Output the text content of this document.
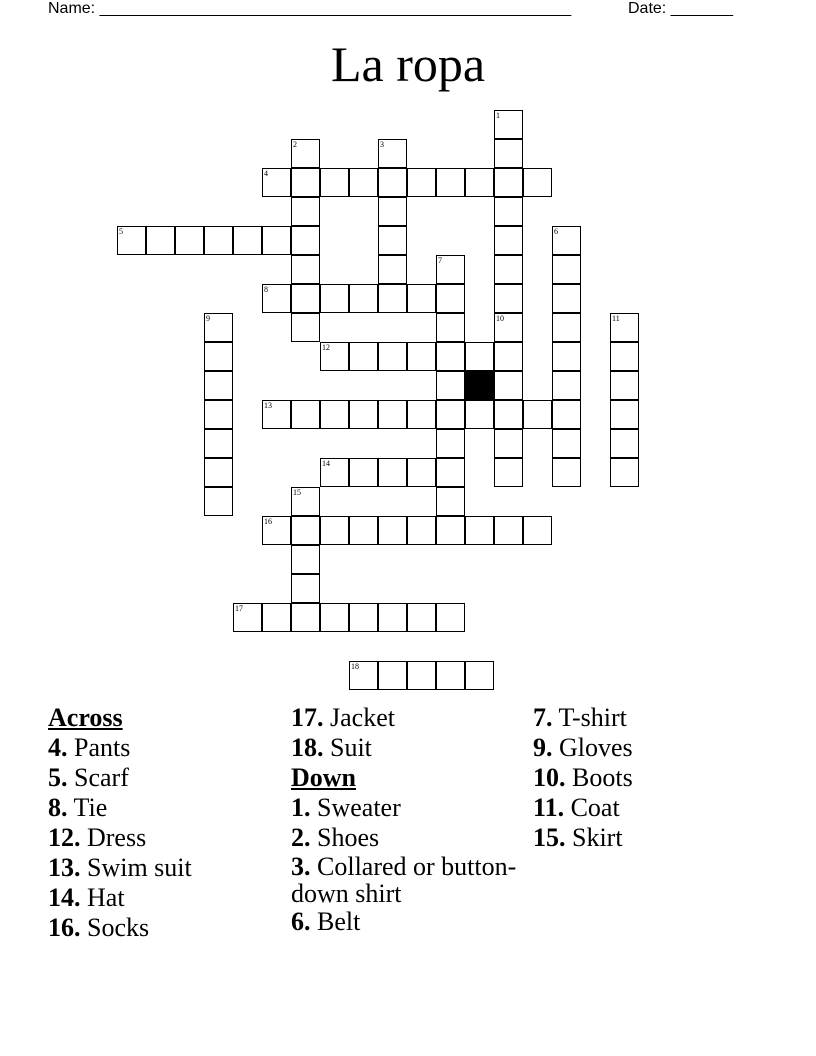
Name: _____________________________________________________	Date: _______
La ropa
4
5
8
12
13
14
16
17
18
1
2	3
6
7
9	10	11
15
Across
4. Pants
5. Scarf
8. Tie
12. Dress
13. Swim suit
14. Hat
16. Socks
17. Jacket
18. Suit
Down
1. Sweater
2. Shoes
3. Collared or button-down shirt
6. Belt
7. T-shirt
9. Gloves
10. Boots
11. Coat
15. Skirt
